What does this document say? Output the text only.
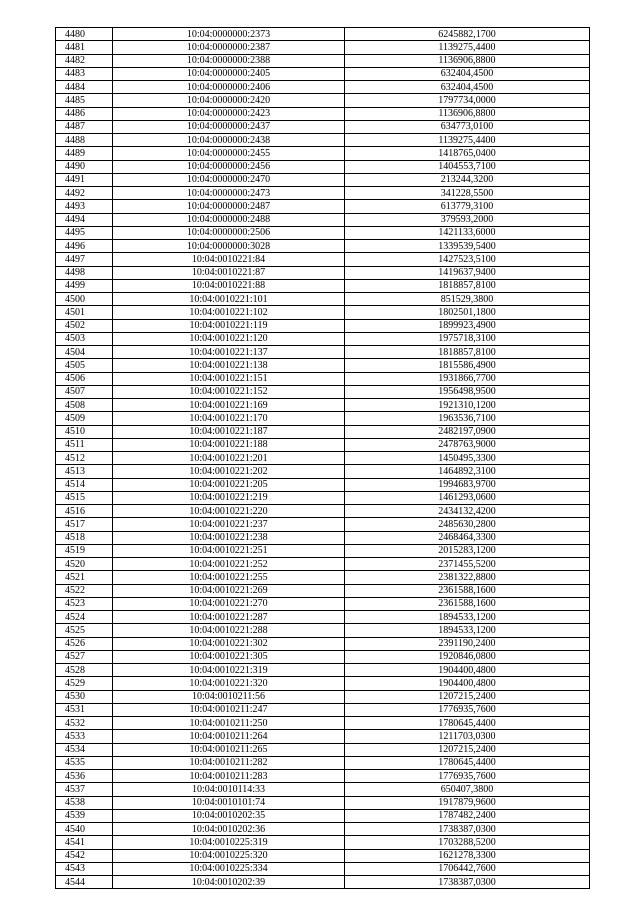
4480	10:04:0000000:2373	6245882,1700
4481	10:04:0000000:2387	1139275,4400
4482	10:04:0000000:2388	1136906,8800
4483	10:04:0000000:2405	632404,4500
4484	10:04:0000000:2406	632404,4500
4485	10:04:0000000:2420	1797734,0000
4486	10:04:0000000:2423	1136906,8800
4487	10:04:0000000:2437	634773,0100
4488	10:04:0000000:2438	1139275,4400
4489	10:04:0000000:2455	1418765,0400
4490	10:04:0000000:2456	1404553,7100
4491	10:04:0000000:2470	213244,3200
4492	10:04:0000000:2473	341228,5500
4493	10:04:0000000:2487	613779,3100
4494	10:04:0000000:2488	379593,2000
4495	10:04:0000000:2506	1421133,6000
4496	10:04:0000000:3028	1339539,5400
4497	10:04:0010221:84	1427523,5100
4498	10:04:0010221:87	1419637,9400
4499	10:04:0010221:88	1818857,8100
4500	10:04:0010221:101	851529,3800
4501	10:04:0010221:102	1802501,1800
4502	10:04:0010221:119	1899923,4900
4503	10:04:0010221:120	1975718,3100
4504	10:04:0010221:137	1818857,8100
4505	10:04:0010221:138	1815586,4900
4506	10:04:0010221:151	1931866,7700
4507	10:04:0010221:152	1956498,9500
4508	10:04:0010221:169	1921310,1200
4509	10:04:0010221:170	1963536,7100
4510	10:04:0010221:187	2482197,0900
4511	10:04:0010221:188	2478763,9000
4512	10:04:0010221:201	1450495,3300
4513	10:04:0010221:202	1464892,3100
4514	10:04:0010221:205	1994683,9700
4515	10:04:0010221:219	1461293,0600
4516	10:04:0010221:220	2434132,4200
4517	10:04:0010221:237	2485630,2800
4518	10:04:0010221:238	2468464,3300
4519	10:04:0010221:251	2015283,1200
4520	10:04:0010221:252	2371455,5200
4521	10:04:0010221:255	2381322,8800
4522	10:04:0010221:269	2361588,1600
4523	10:04:0010221:270	2361588,1600
4524	10:04:0010221:287	1894533,1200
4525	10:04:0010221:288	1894533,1200
4526	10:04:0010221:302	2391190,2400
4527	10:04:0010221:305	1920846,0800
4528	10:04:0010221:319	1904400,4800
4529	10:04:0010221:320	1904400,4800
4530	10:04:0010211:56	1207215,2400
4531	10:04:0010211:247	1776935,7600
4532	10:04:0010211:250	1780645,4400
4533	10:04:0010211:264	1211703,0300
4534	10:04:0010211:265	1207215,2400
4535	10:04:0010211:282	1780645,4400
4536	10:04:0010211:283	1776935,7600
4537	10:04:0010114:33	650407,3800
4538	10:04:0010101:74	1917879,9600
4539	10:04:0010202:35	1787482,2400
4540	10:04:0010202:36	1738387,0300
4541	10:04:0010225:319	1703288,5200
4542	10:04:0010225:320	1621278,3300
4543	10:04:0010225:334	1706442,7600
4544	10:04:0010202:39	1738387,0300
